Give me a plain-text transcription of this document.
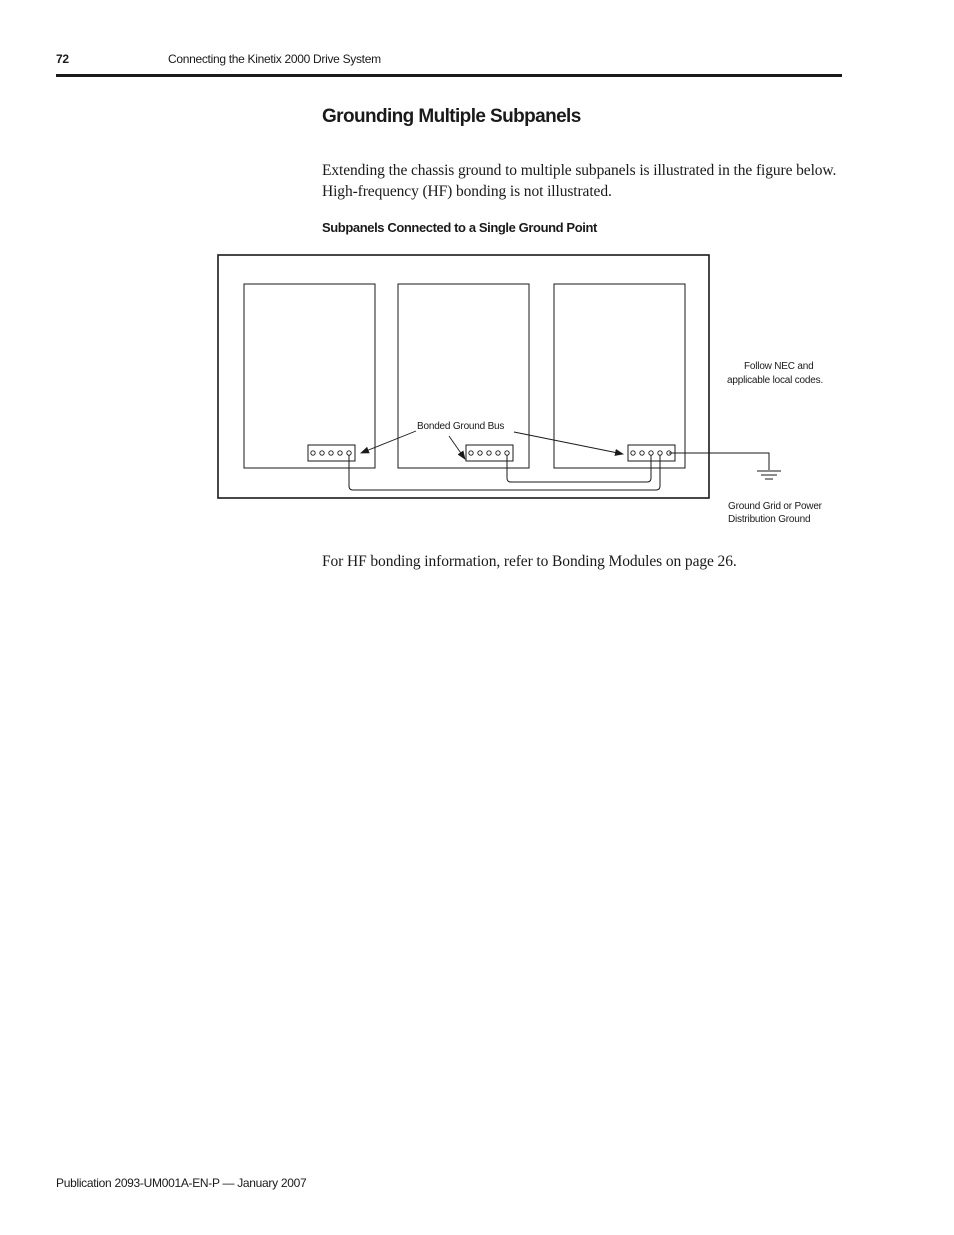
72	Connecting the Kinetix 2000 Drive System
Grounding Multiple Subpanels
Extending the chassis ground to multiple subpanels is illustrated in the figure below. High-frequency (HF) bonding is not illustrated.
Subpanels Connected to a Single Ground Point
Bonded Ground Bus
Follow NEC and
applicable local codes.
Ground Grid or Power
Distribution Ground
For HF bonding information, refer to Bonding Modules on page 26.
Publication 2093-UM001A-EN-P — January 2007
